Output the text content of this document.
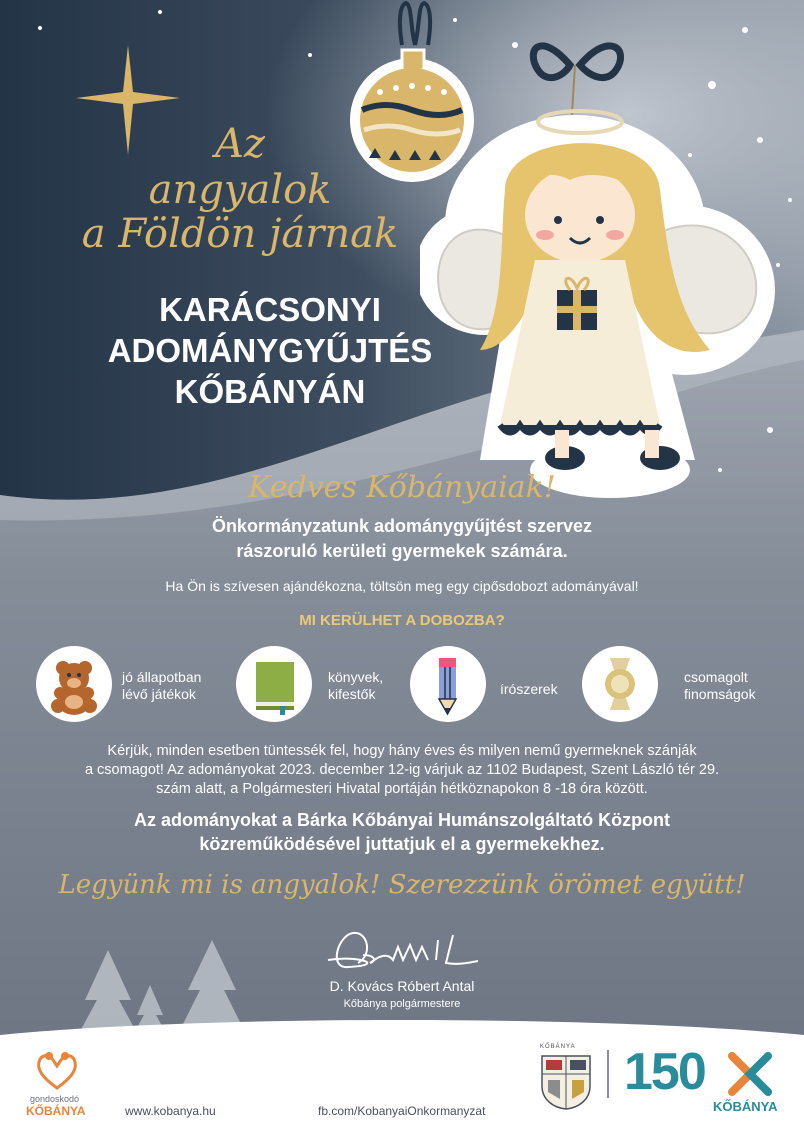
Az
angyalok
a Földön járnak
KARÁCSONYI
ADOMÁNYGYŰJTÉS
KŐBÁNYÁN
Kedves Kőbányaiak!
Önkormányzatunk adománygyűjtést szervez
rászoruló kerületi gyermekek számára.
Ha Ön is szívesen ajándékozna, töltsön meg egy cipősdobozt adományával!
MI KERÜLHET A DOBOZBA?
jó állapotban
lévő játékok
könyvek,
kifestők	írószerek
csomagolt
finomságok
Kérjük, minden esetben tüntessék fel, hogy hány éves és milyen nemű gyermeknek szánják
a csomagot! Az adományokat 2023. december 12-ig várjuk az 1102 Budapest, Szent László tér 29.
szám alatt, a Polgármesteri Hivatal portáján hétköznapokon 8 -18 óra között.
Az adományokat a Bárka Kőbányai Humánszolgáltató Központ
közreműködésével juttatjuk el a gyermekekhez.
Legyünk mi is angyalok! Szerezzünk örömet együtt!
D. Kovács Róbert Antal
Kőbánya polgármestere
gondoskodó
KŐBÁNYA	www.kobanya.hu	fb.com/KobanyaiOnkormanyzat
KŐBÁNYA 150
KŐBÁNYA
